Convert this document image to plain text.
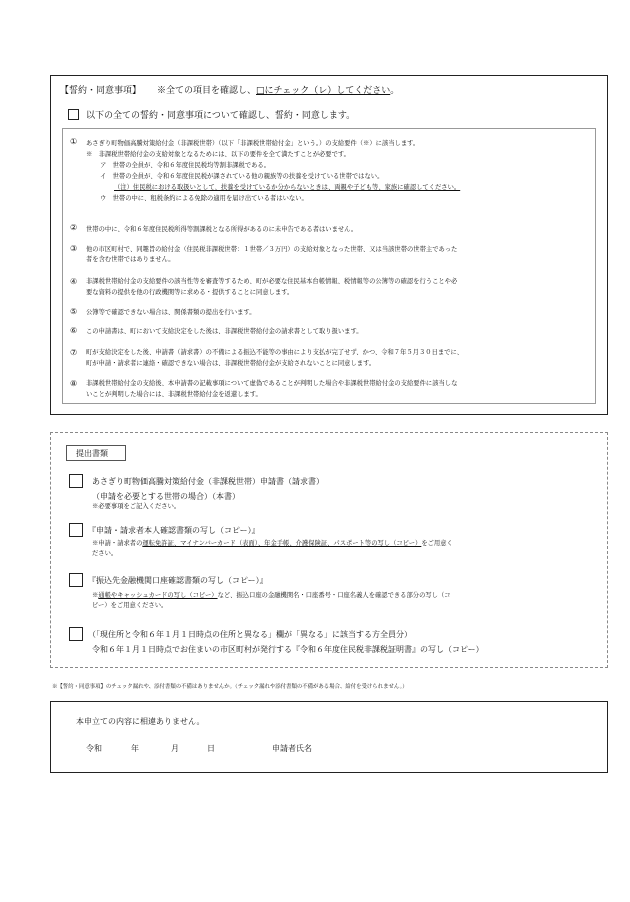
【誓約・同意事項】 ※全ての項目を確認し、□にチェック（レ）してください。
以下の全ての誓約・同意事項について確認し、誓約・同意します。
① あさぎり町物価高騰対策給付金（非課税世帯）（以下「非課税世帯給付金」という。）の支給要件（※）に該当します。
※　非課税世帯給付金の支給対象となるためには、以下の要件を全て満たすことが必要です。
ア　世帯の全員が、令和６年度住民税均等割非課税である。
イ　世帯の全員が、令和６年度住民税が課されている他の親族等の扶養を受けている世帯ではない。
（注）住民税における取扱いとして、扶養を受けているか分からないときは、両親や子ども等、家族に確認してください。
ウ　世帯の中に、租税条約による免除の適用を届け出ている者はいない。
② 世帯の中に、令和６年度住民税所得等割課税となる所得があるのに未申告である者はいません。
③ 他の市区町村で、同趣旨の給付金（住民税非課税世帯：１世帯／３万円）の支給対象となった世帯、又は当該世帯の世帯主であった
者を含む世帯ではありません。
④ 非課税世帯給付金の支給要件の該当性等を審査等するため、町が必要な住民基本台帳情報、税情報等の公簿等の確認を行うことや必
要な資料の提供を他の行政機関等に求める・提供することに同意します。
⑤ 公簿等で確認できない場合は、関係書類の提出を行います。
⑥ この申請書は、町において支給決定をした後は、非課税世帯給付金の請求書として取り扱います。
⑦ 町が支給決定をした後、申請書（請求書）の不備による振込不能等の事由により支払が完了せず、かつ、令和７年５月３０日までに、
町が申請・請求者に連絡・確認できない場合は、非課税世帯給付金が支給されないことに同意します。
⑧ 非課税世帯給付金の支給後、本申請書の記載事項について虚偽であることが判明した場合や非課税世帯給付金の支給要件に該当しな
いことが判明した場合には、非課税世帯給付金を返還します。
提出書類
あさぎり町物価高騰対策給付金（非課税世帯）申請書（請求書）
（申請を必要とする世帯の場合）（本書）
※必要事項をご記入ください。
『申請・請求者本人確認書類の写し（コピー）』
※申請・請求者の運転免許証、マイナンバーカード（表面）、年金手帳、介護保険証、パスポート等の写し（コピー）をご用意く
ださい。
『振込先金融機関口座確認書類の写し（コピー）』
※通帳やキャッシュカードの写し（コピー）など、振込口座の金融機関名・口座番号・口座名義人を確認できる部分の写し（コ
ピー）をご用意ください。
（「現住所と令和６年１月１日時点の住所と異なる」欄が「異なる」に該当する方全員分）
令和６年１月１日時点でお住まいの市区町村が発行する『令和６年度住民税非課税証明書』の写し（コピー）
※【誓約・同意事項】のチェック漏れや、添付書類の不備はありませんか。（チェック漏れや添付書類の不備がある場合、給付を受けられません。）
本申立ての内容に相違ありません。
令和	年	月	日	申請者氏名
